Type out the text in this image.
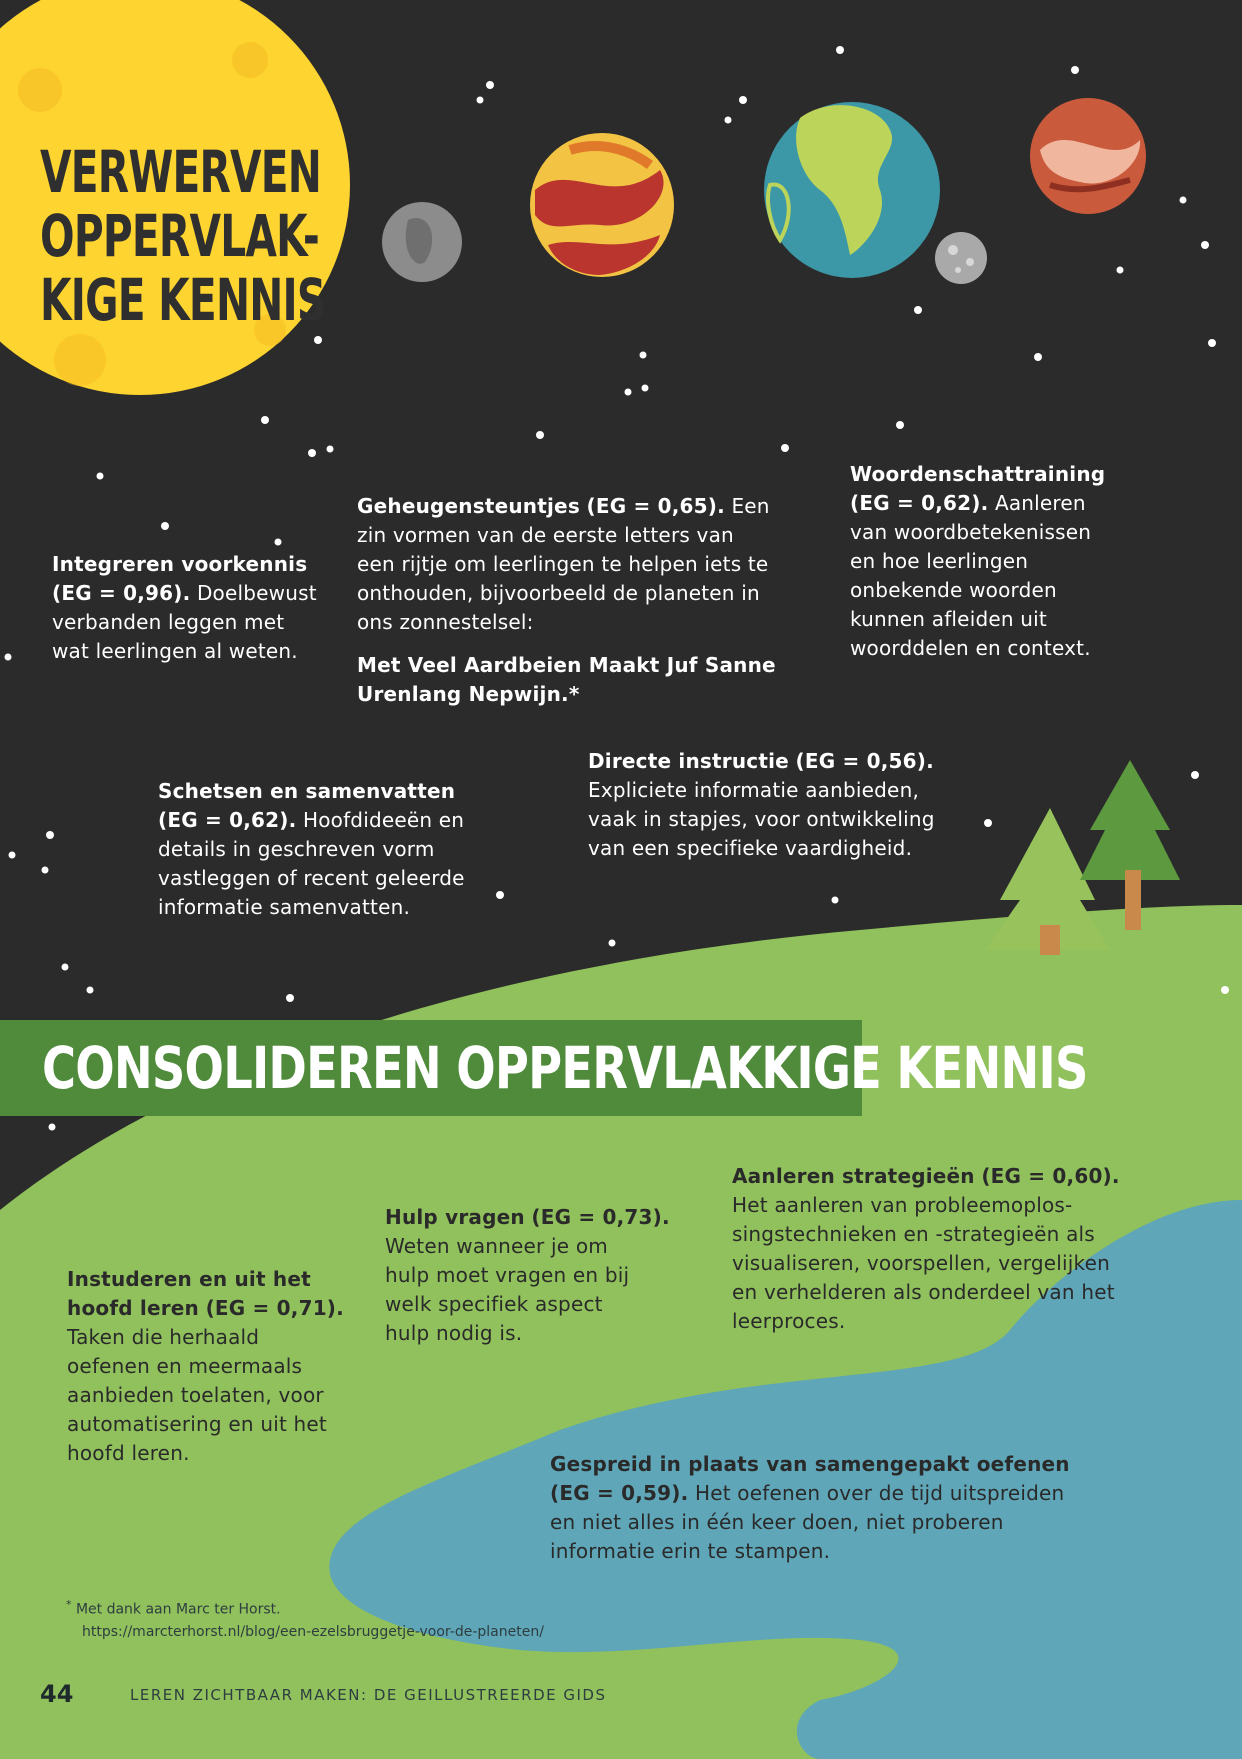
VERWERVEN
OPPERVLAK-
KIGE KENNIS
Integreren voorkennis
(EG = 0,96). Doelbewust
verbanden leggen met
wat leerlingen al weten.
Geheugensteuntjes (EG = 0,65). Een
zin vormen van de eerste letters van
een rijtje om leerlingen te helpen iets te
onthouden, bijvoorbeeld de planeten in
ons zonnestelsel:
Met Veel Aardbeien Maakt Juf Sanne
Urenlang Nepwijn.*
Woordenschattraining
(EG = 0,62). Aanleren
van woordbetekenissen
en hoe leerlingen
onbekende woorden
kunnen afleiden uit
woorddelen en context.
Schetsen en samenvatten
(EG = 0,62). Hoofdideeën en
details in geschreven vorm
vastleggen of recent geleerde
informatie samenvatten.
Directe instructie (EG = 0,56).
Expliciete informatie aanbieden,
vaak in stapjes, voor ontwikkeling
van een specifieke vaardigheid.
CONSOLIDEREN OPPERVLAKKIGE KENNIS
Instuderen en uit het
hoofd leren (EG = 0,71).
Taken die herhaald
oefenen en meermaals
aanbieden toelaten, voor
automatisering en uit het
hoofd leren.
Hulp vragen (EG = 0,73).
Weten wanneer je om
hulp moet vragen en bij
welk specifiek aspect
hulp nodig is.
Aanleren strategieën (EG = 0,60).
Het aanleren van probleemoplos-
singstechnieken en -strategieën als
visualiseren, voorspellen, vergelijken
en verhelderen als onderdeel van het
leerproces.
Gespreid in plaats van samengepakt oefenen
(EG = 0,59). Het oefenen over de tijd uitspreiden
en niet alles in één keer doen, niet proberen
informatie erin te stampen.
* Met dank aan Marc ter Horst.
https://marcterhorst.nl/blog/een-ezelsbruggetje-voor-de-planeten/
44	LEREN ZICHTBAAR MAKEN: DE GEILLUSTREERDE GIDS
